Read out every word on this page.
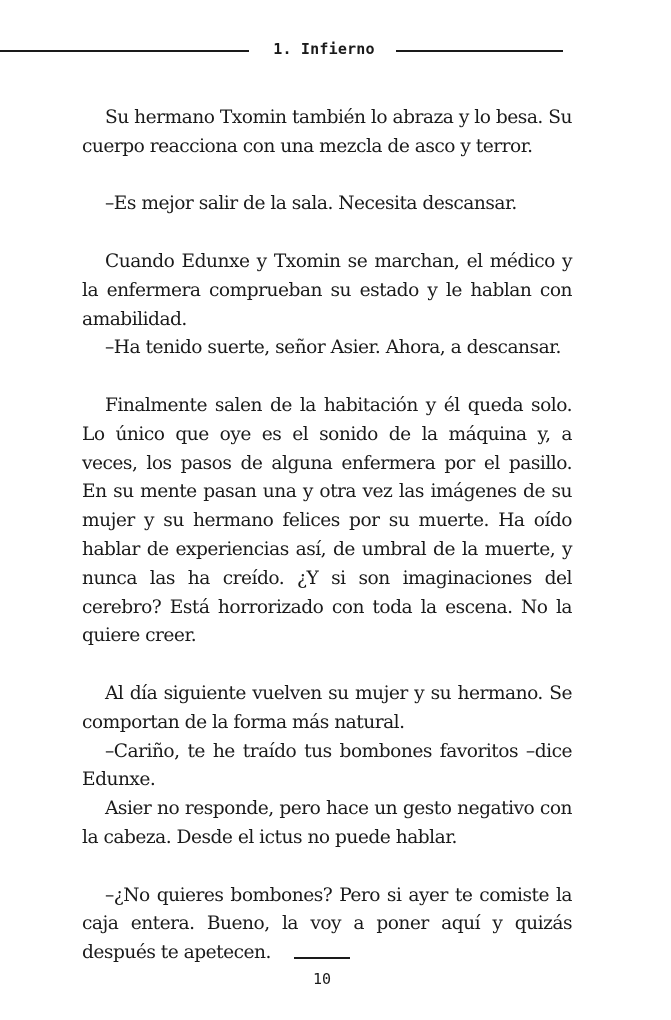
1. Infierno

Su hermano Txomin también lo abraza y lo besa. Su cuerpo reacciona con una mezcla de asco y terror.

–Es mejor salir de la sala. Necesita descansar.

Cuando Edunxe y Txomin se marchan, el médico y la enfermera comprueban su estado y le hablan con amabilidad.

–Ha tenido suerte, señor Asier. Ahora, a descansar.

Finalmente salen de la habitación y él queda solo. Lo único que oye es el sonido de la máquina y, a veces, los pasos de alguna enfermera por el pasillo. En su mente pasan una y otra vez las imágenes de su mujer y su hermano felices por su muerte. Ha oído hablar de experiencias así, de umbral de la muerte, y nunca las ha creído. ¿Y si son imaginaciones del cerebro? Está horrorizado con toda la escena. No la quiere creer.

Al día siguiente vuelven su mujer y su hermano. Se comportan de la forma más natural.

–Cariño, te he traído tus bombones favoritos –dice Edunxe.

Asier no responde, pero hace un gesto negativo con la cabeza. Desde el ictus no puede hablar.

–¿No quieres bombones? Pero si ayer te comiste la caja entera. Bueno, la voy a poner aquí y quizás después te apetecen.

10
